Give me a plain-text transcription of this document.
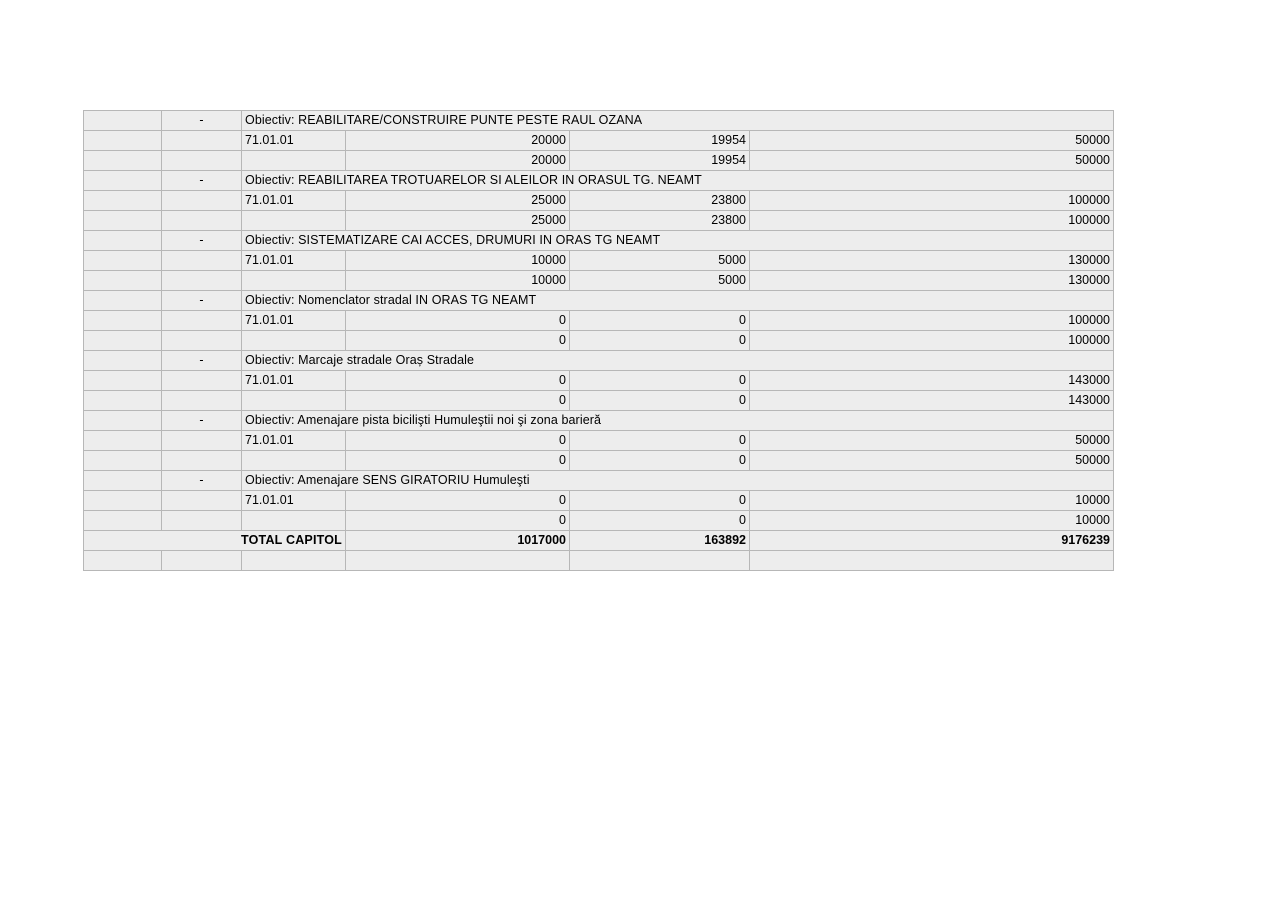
	-	Obiectiv: REABILITARE/CONSTRUIRE PUNTE PESTE RAUL OZANA			
		71.01.01	20000	19954	50000
			20000	19954	50000
	-	Obiectiv: REABILITAREA TROTUARELOR SI ALEILOR IN ORASUL TG. NEAMT			
		71.01.01	25000	23800	100000
			25000	23800	100000
	-	Obiectiv: SISTEMATIZARE CAI ACCES, DRUMURI IN ORAS TG NEAMT			
		71.01.01	10000	5000	130000
			10000	5000	130000
	-	Obiectiv: Nomenclator stradal IN ORAS TG NEAMT			
		71.01.01	0	0	100000
			0	0	100000
	-	Obiectiv: Marcaje stradale Oraș Stradale			
		71.01.01	0	0	143000
			0	0	143000
	-	Obiectiv: Amenajare pista bicilişti Humuleştii noi şi zona barieră			
		71.01.01	0	0	50000
			0	0	50000
	-	Obiectiv: Amenajare SENS GIRATORIU Humuleşti			
		71.01.01	0	0	10000
			0	0	10000
TOTAL CAPITOL			1017000	163892	9176239
